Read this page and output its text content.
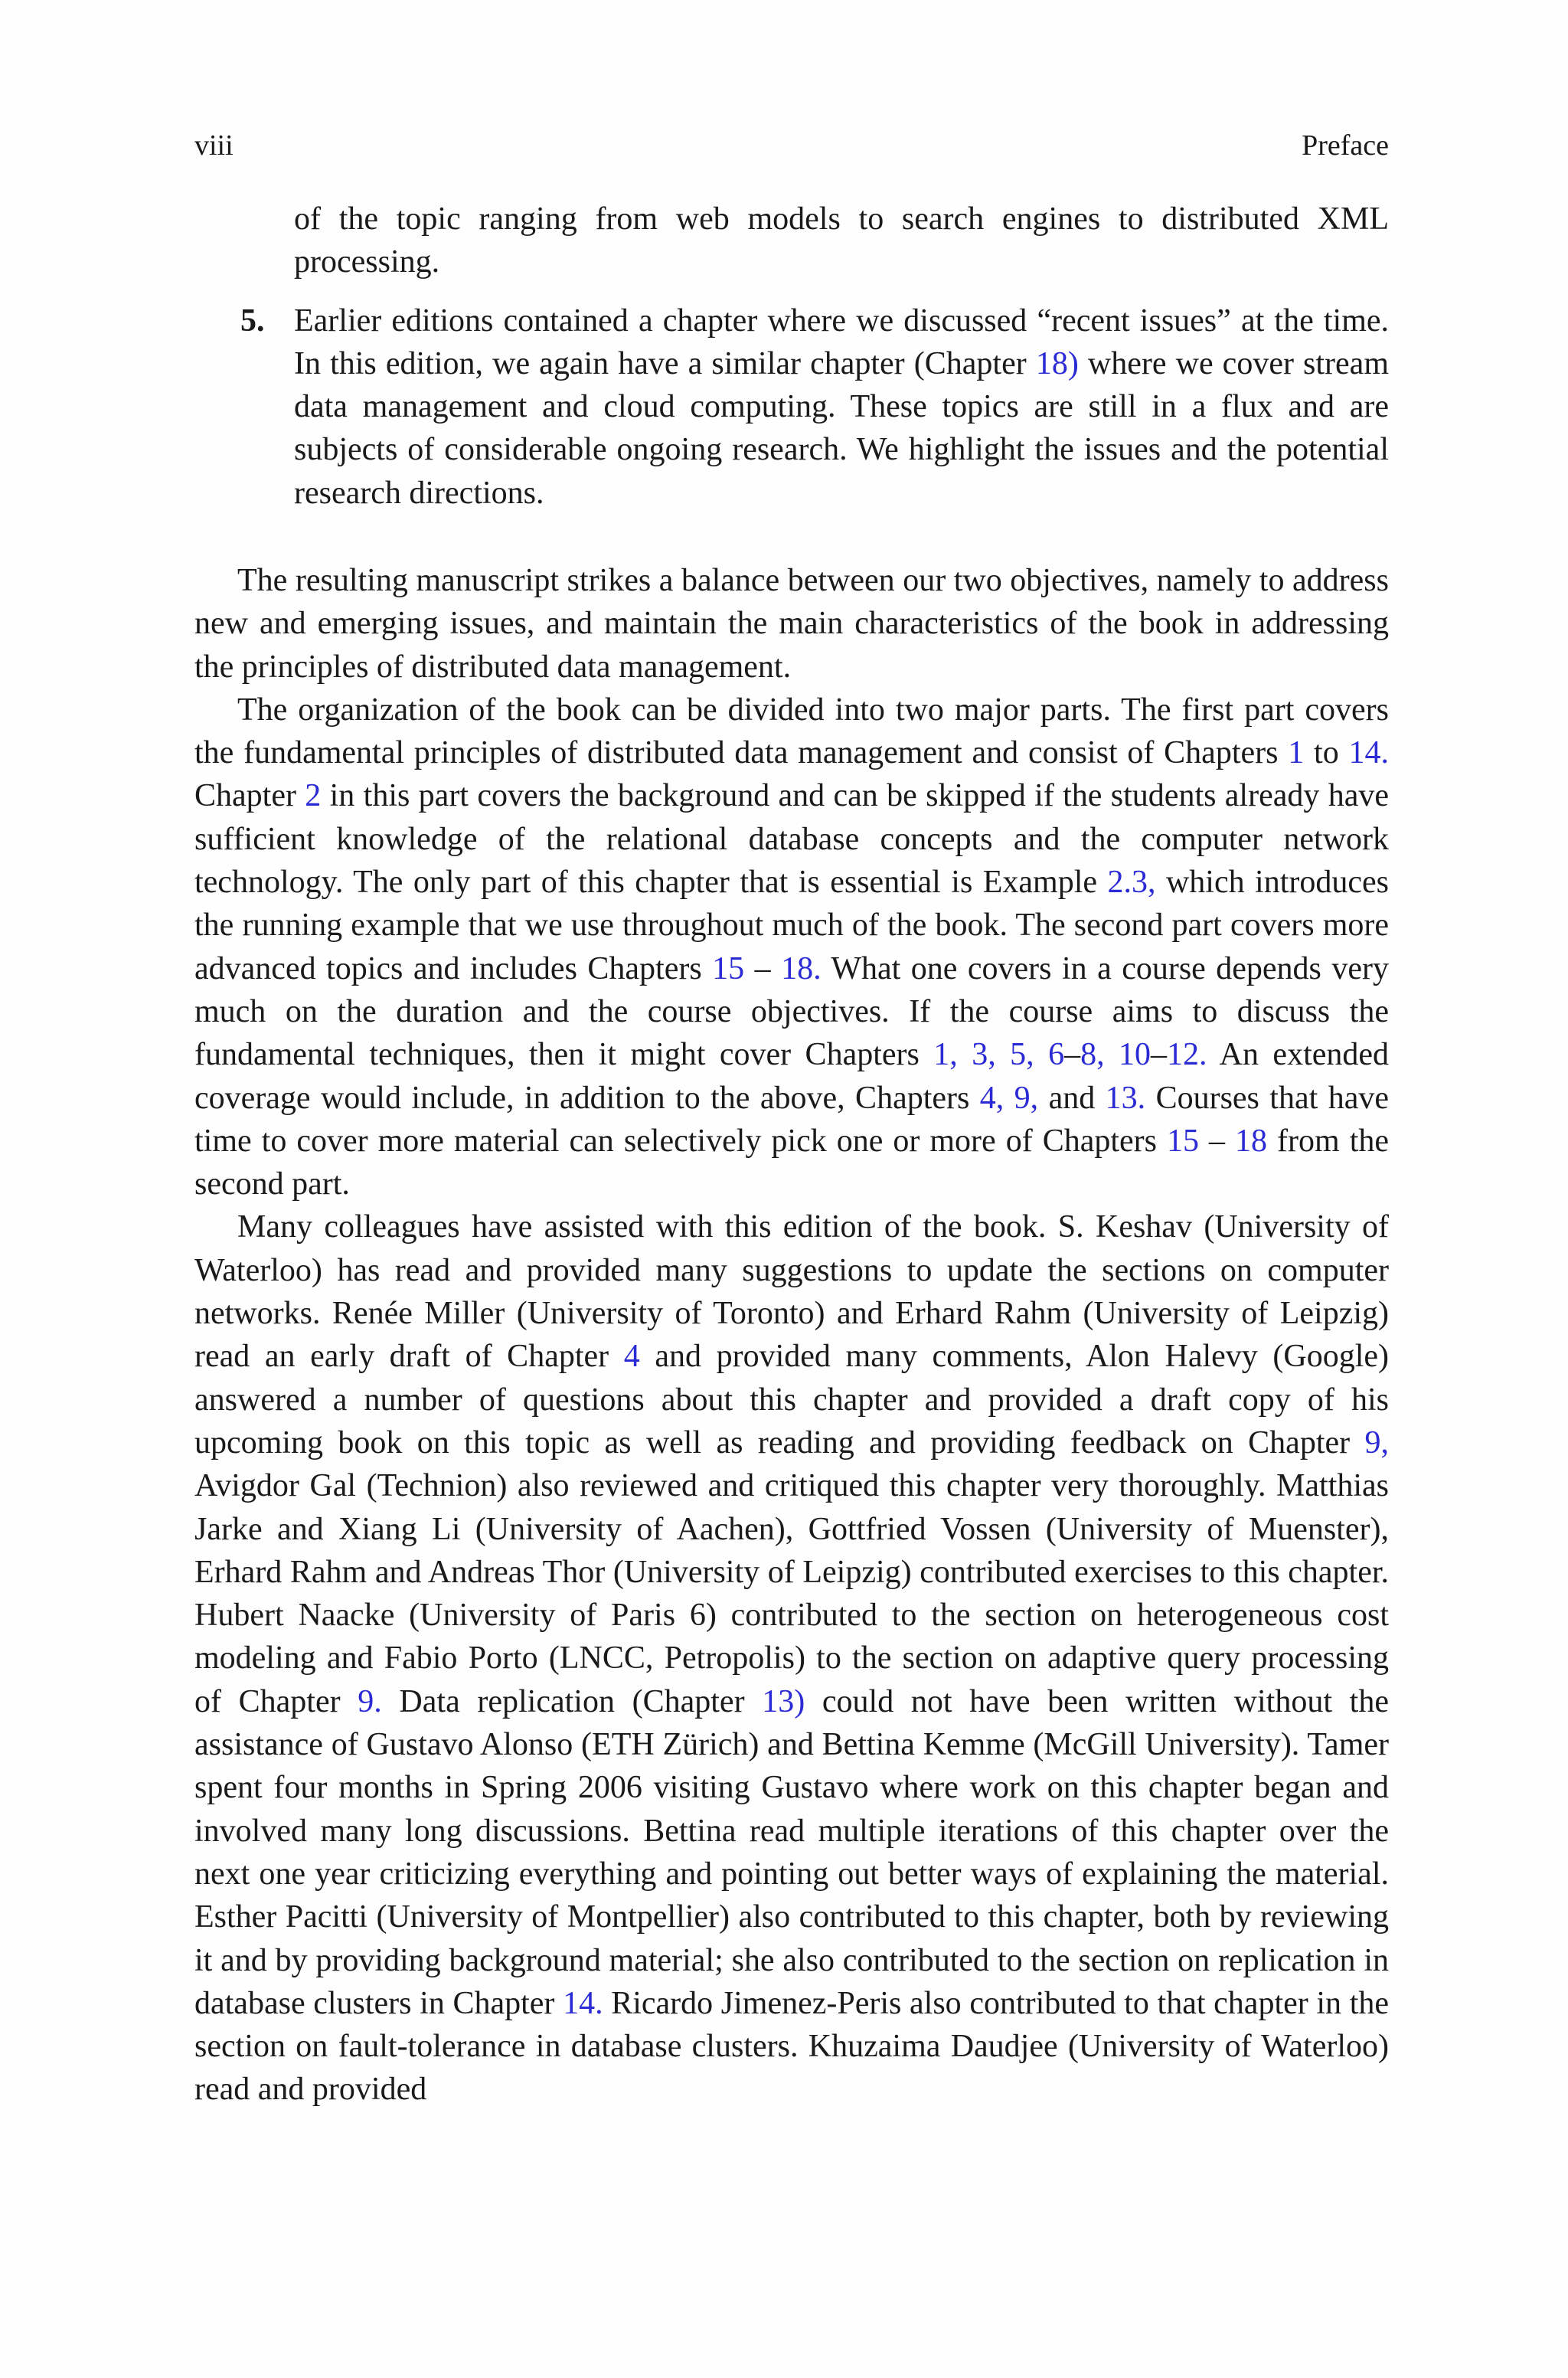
viii	Preface

of the topic ranging from web models to search engines to distributed XML processing.

5. Earlier editions contained a chapter where we discussed “recent issues” at the time. In this edition, we again have a similar chapter (Chapter 18) where we cover stream data management and cloud computing. These topics are still in a flux and are subjects of considerable ongoing research. We highlight the issues and the potential research directions.

The resulting manuscript strikes a balance between our two objectives, namely to address new and emerging issues, and maintain the main characteristics of the book in addressing the principles of distributed data management.

The organization of the book can be divided into two major parts. The first part covers the fundamental principles of distributed data management and consist of Chapters 1 to 14. Chapter 2 in this part covers the background and can be skipped if the students already have sufficient knowledge of the relational database concepts and the computer network technology. The only part of this chapter that is essential is Example 2.3, which introduces the running example that we use throughout much of the book. The second part covers more advanced topics and includes Chapters 15 – 18. What one covers in a course depends very much on the duration and the course objectives. If the course aims to discuss the fundamental techniques, then it might cover Chapters 1, 3, 5, 6–8, 10–12. An extended coverage would include, in addition to the above, Chapters 4, 9, and 13. Courses that have time to cover more material can selectively pick one or more of Chapters 15 – 18 from the second part.

Many colleagues have assisted with this edition of the book. S. Keshav (University of Waterloo) has read and provided many suggestions to update the sections on computer networks. Renée Miller (University of Toronto) and Erhard Rahm (University of Leipzig) read an early draft of Chapter 4 and provided many comments, Alon Halevy (Google) answered a number of questions about this chapter and provided a draft copy of his upcoming book on this topic as well as reading and providing feedback on Chapter 9, Avigdor Gal (Technion) also reviewed and critiqued this chapter very thoroughly. Matthias Jarke and Xiang Li (University of Aachen), Gottfried Vossen (University of Muenster), Erhard Rahm and Andreas Thor (University of Leipzig) contributed exercises to this chapter. Hubert Naacke (University of Paris 6) contributed to the section on heterogeneous cost modeling and Fabio Porto (LNCC, Petropolis) to the section on adaptive query processing of Chapter 9. Data replication (Chapter 13) could not have been written without the assistance of Gustavo Alonso (ETH Zürich) and Bettina Kemme (McGill University). Tamer spent four months in Spring 2006 visiting Gustavo where work on this chapter began and involved many long discussions. Bettina read multiple iterations of this chapter over the next one year criticizing everything and pointing out better ways of explaining the material. Esther Pacitti (University of Montpellier) also contributed to this chapter, both by reviewing it and by providing background material; she also contributed to the section on replication in database clusters in Chapter 14. Ricardo Jimenez-Peris also contributed to that chapter in the section on fault-tolerance in database clusters. Khuzaima Daudjee (University of Waterloo) read and provided
